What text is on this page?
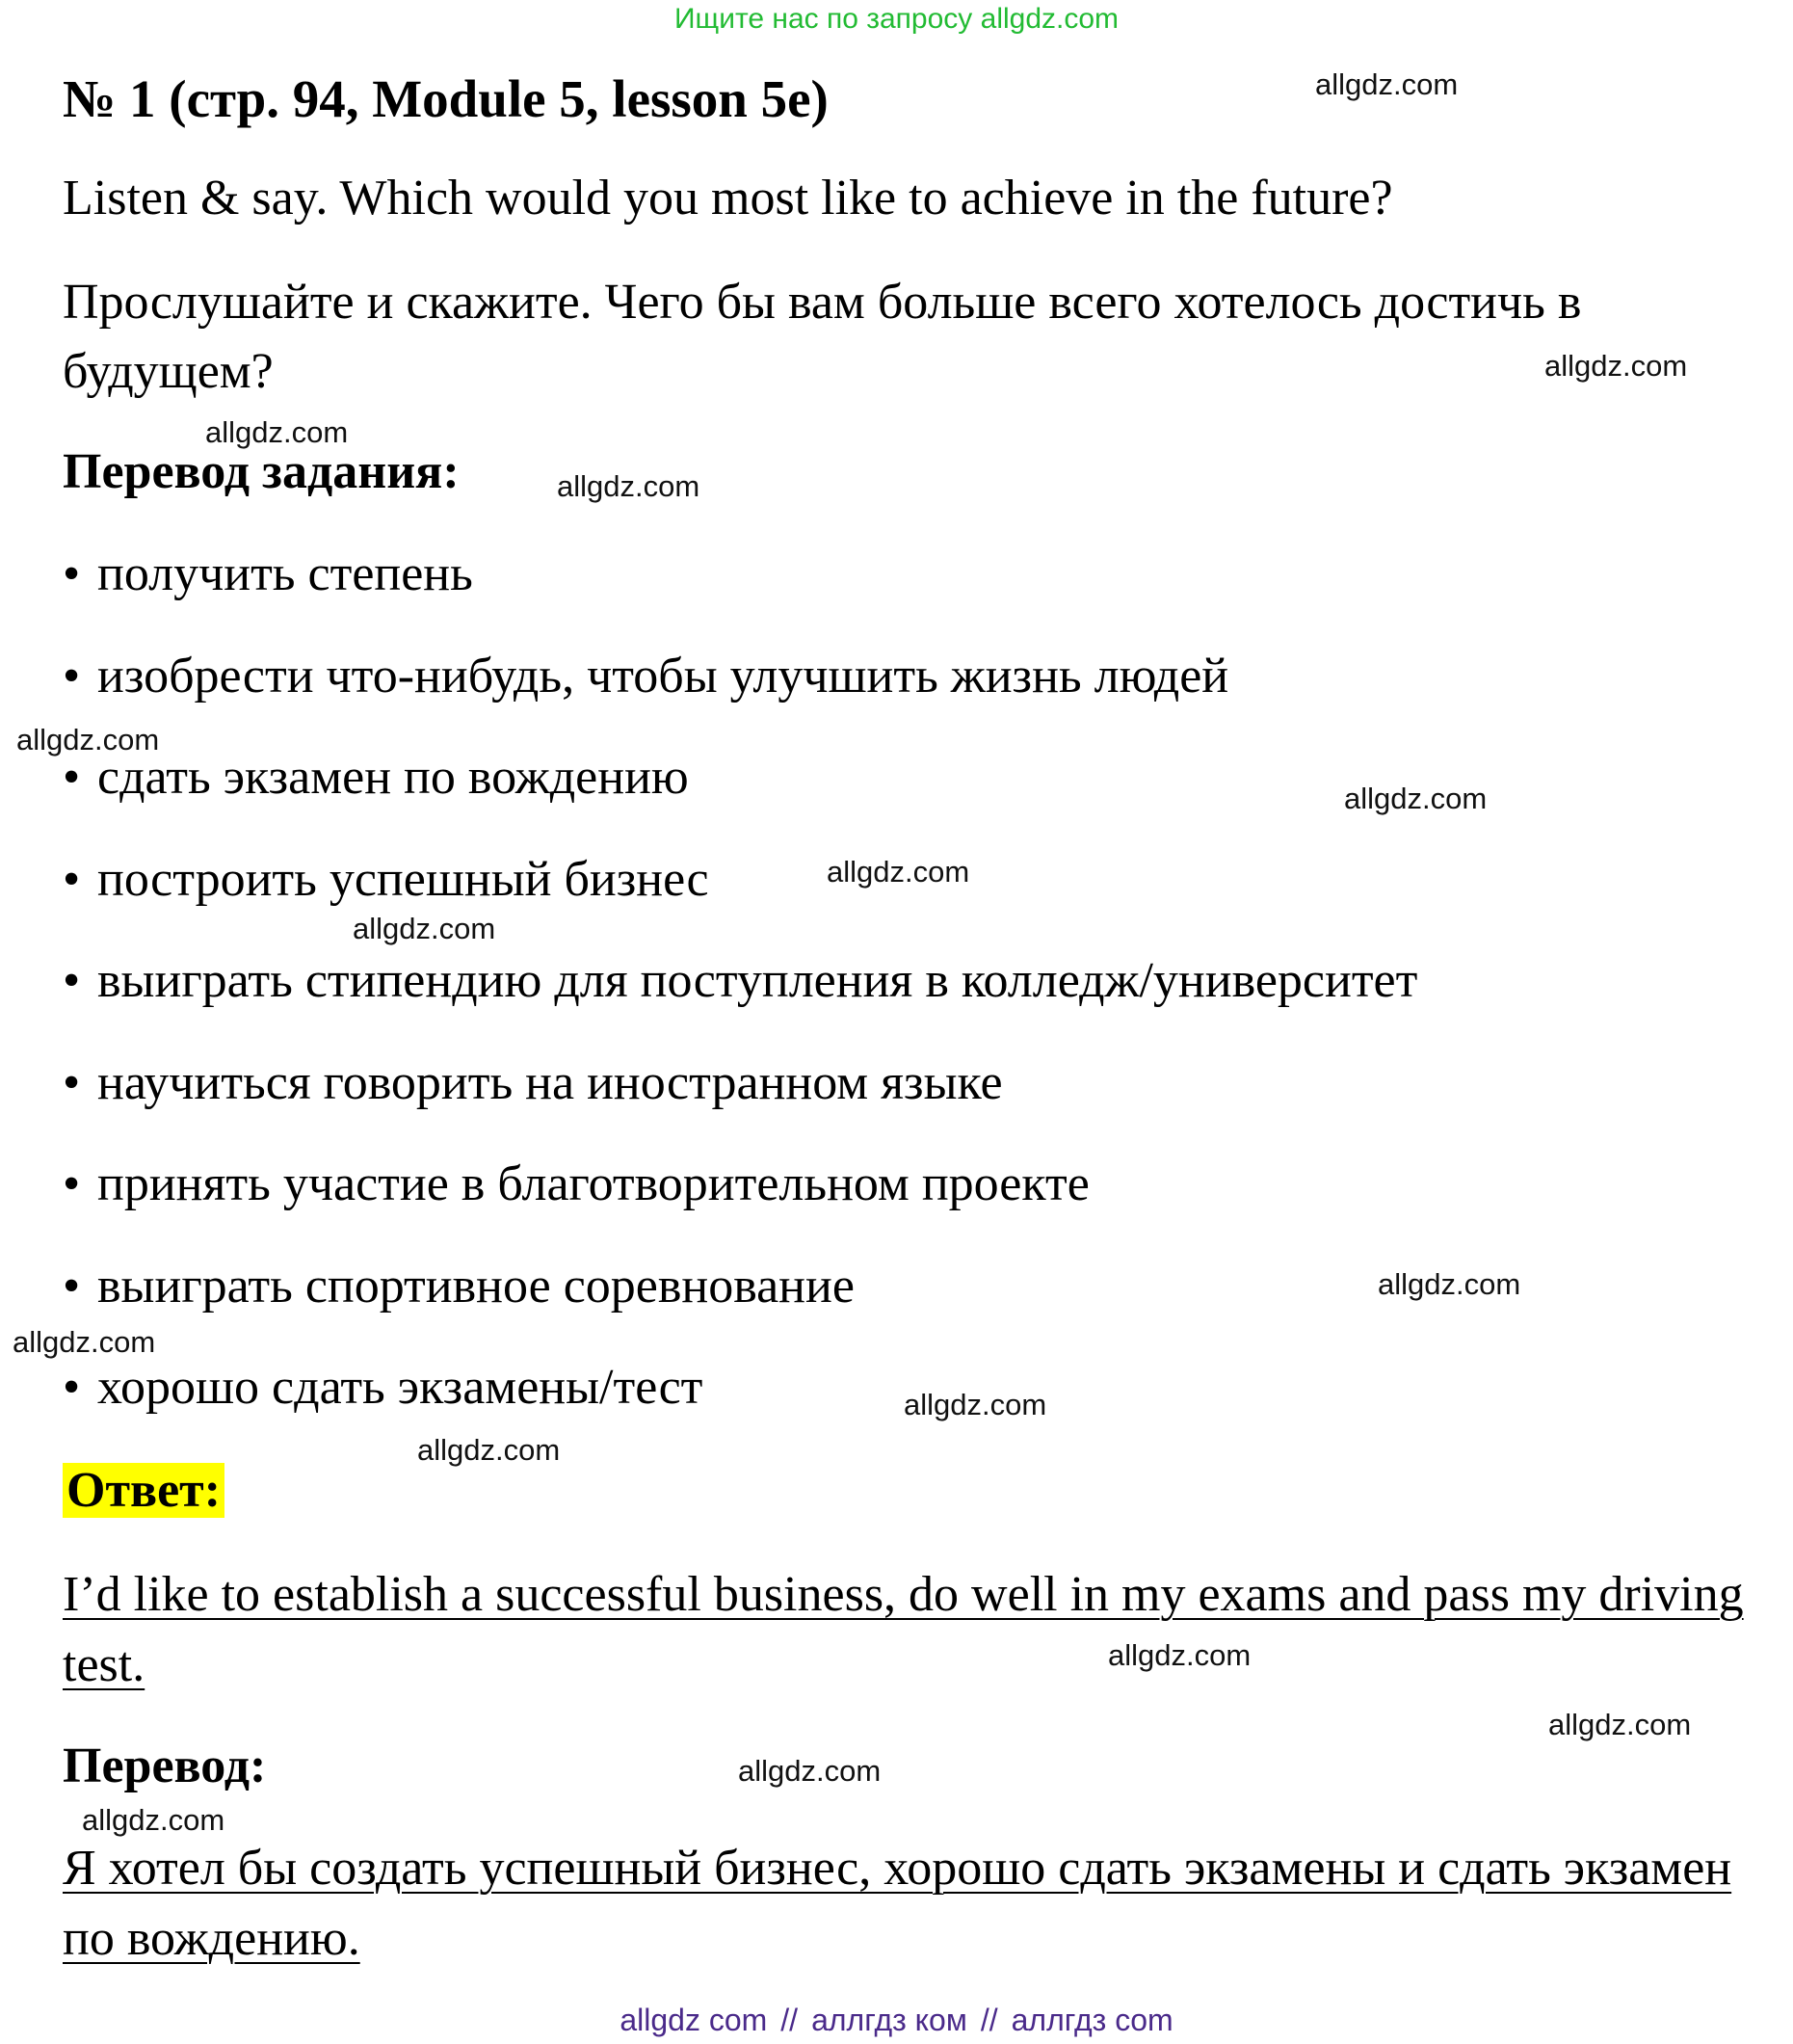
Ищите нас по запросу allgdz.com
№ 1 (стр. 94, Module 5, lesson 5e)
Listen & say. Which would you most like to achieve in the future?
Прослушайте и скажите. Чего бы вам больше всего хотелось достичь в будущем?
Перевод задания:
• получить степень
• изобрести что-нибудь, чтобы улучшить жизнь людей
• сдать экзамен по вождению
• построить успешный бизнес
• выиграть стипендию для поступления в колледж/университет
• научиться говорить на иностранном языке
• принять участие в благотворительном проекте
• выиграть спортивное соревнование
• хорошо сдать экзамены/тест
Ответ:
I’d like to establish a successful business, do well in my exams and pass my driving test.
Перевод:
Я хотел бы создать успешный бизнес, хорошо сдать экзамены и сдать экзамен по вождению.
allgdz.com
allgdz.com
allgdz.com
allgdz.com
allgdz.com
allgdz.com
allgdz.com
allgdz.com
allgdz.com
allgdz.com
allgdz.com
allgdz.com
allgdz.com
allgdz.com
allgdz.com
allgdz.com
allgdz com // аллгдз ком // аллгдз com
